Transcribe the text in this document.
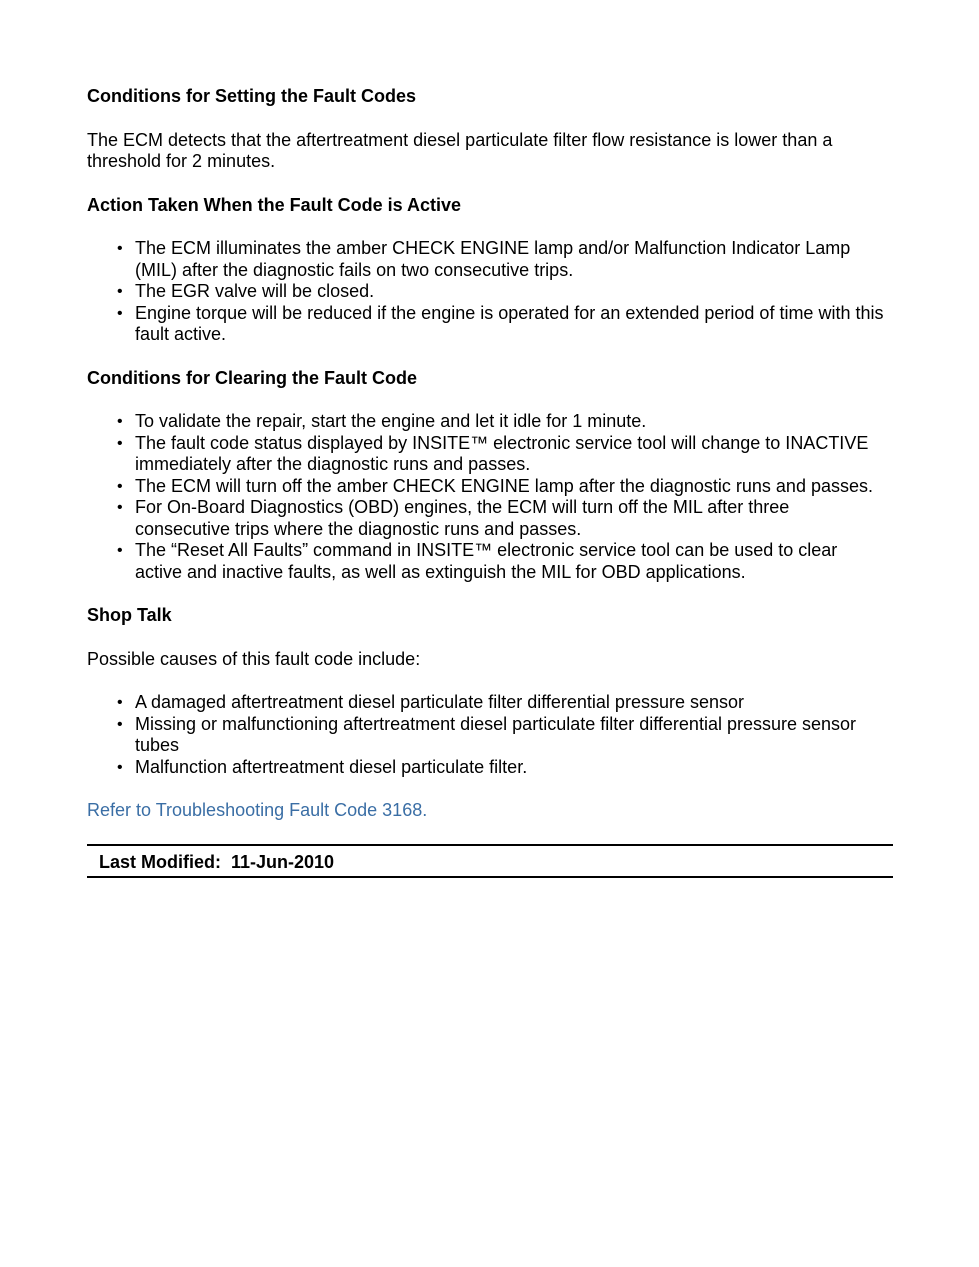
Conditions for Setting the Fault Codes

The ECM detects that the aftertreatment diesel particulate filter flow resistance is lower than a threshold for 2 minutes.

Action Taken When the Fault Code is Active
• The ECM illuminates the amber CHECK ENGINE lamp and/or Malfunction Indicator Lamp (MIL) after the diagnostic fails on two consecutive trips.
• The EGR valve will be closed.
• Engine torque will be reduced if the engine is operated for an extended period of time with this fault active.
Conditions for Clearing the Fault Code
• To validate the repair, start the engine and let it idle for 1 minute.
• The fault code status displayed by INSITE™ electronic service tool will change to INACTIVE immediately after the diagnostic runs and passes.
• The ECM will turn off the amber CHECK ENGINE lamp after the diagnostic runs and passes.
• For On-Board Diagnostics (OBD) engines, the ECM will turn off the MIL after three consecutive trips where the diagnostic runs and passes.
• The “Reset All Faults” command in INSITE™ electronic service tool can be used to clear active and inactive faults, as well as extinguish the MIL for OBD applications.
Shop Talk

Possible causes of this fault code include:

• A damaged aftertreatment diesel particulate filter differential pressure sensor
• Missing or malfunctioning aftertreatment diesel particulate filter differential pressure sensor tubes
• Malfunction aftertreatment diesel particulate filter.
Refer to Troubleshooting Fault Code 3168.
Last Modified:  11-Jun-2010
